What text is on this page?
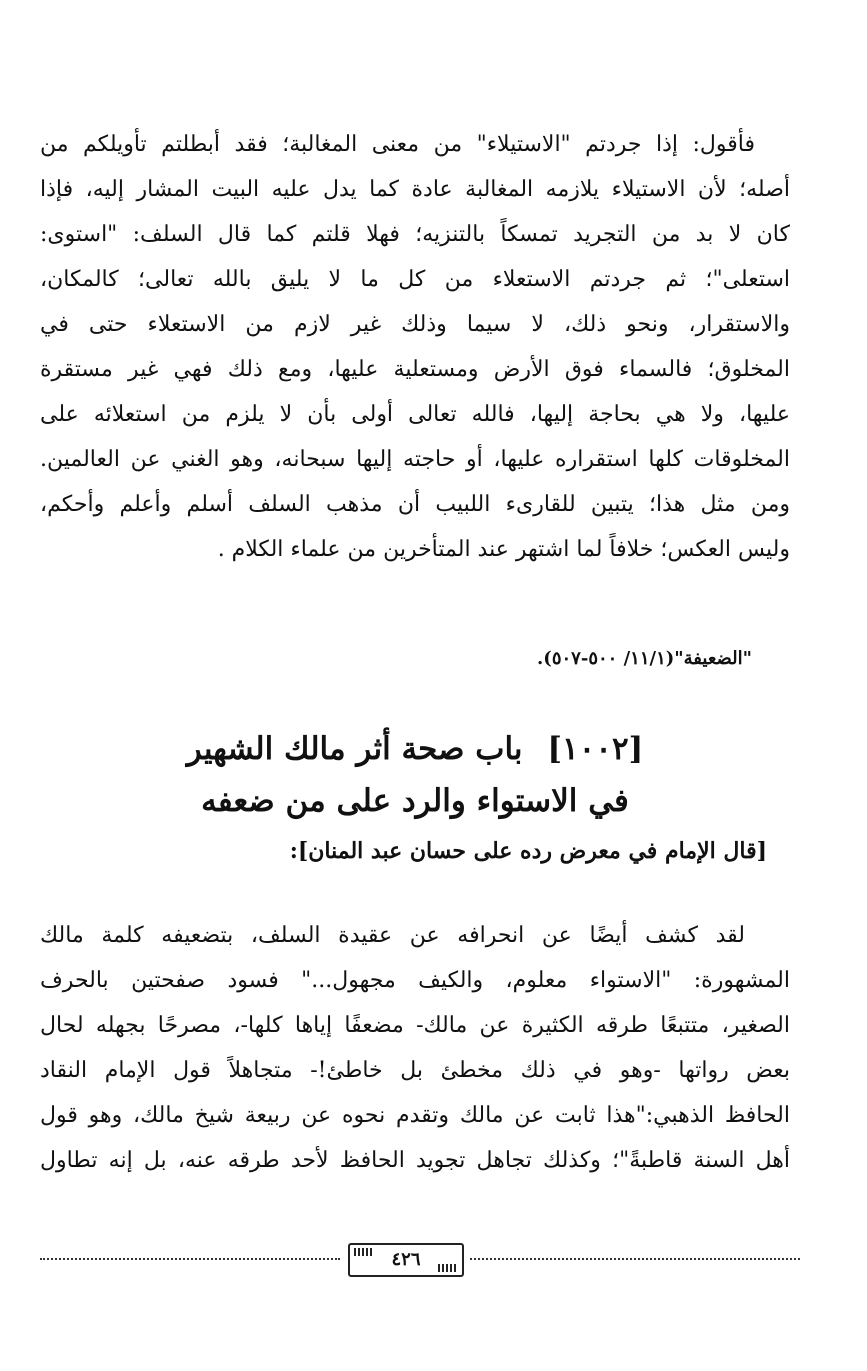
فأقول: إذا جردتم "الاستيلاء" من معنى المغالبة؛ فقد أبطلتم تأويلكم من
أصله؛ لأن الاستيلاء يلازمه المغالبة عادة كما يدل عليه البيت المشار إليه، فإذا
كان لا بد من التجريد تمسكاً بالتنزيه؛ فهلا قلتم كما قال السلف: "استوى:
استعلى"؛ ثم جردتم الاستعلاء من كل ما لا يليق بالله تعالى؛ كالمكان،
والاستقرار، ونحو ذلك، لا سيما وذلك غير لازم من الاستعلاء حتى في
المخلوق؛ فالسماء فوق الأرض ومستعلية عليها، ومع ذلك فهي غير مستقرة
عليها، ولا هي بحاجة إليها، فالله تعالى أولى بأن لا يلزم من استعلائه على
المخلوقات كلها استقراره عليها، أو حاجته إليها سبحانه، وهو الغني عن العالمين.
ومن مثل هذا؛ يتبين للقارىء اللبيب أن مذهب السلف أسلم وأعلم وأحكم،
وليس العكس؛ خلافاً لما اشتهر عند المتأخرين من علماء الكلام .
"الضعيفة"(١١/١/ ٥٠٠-٥٠٧).
[١٠٠٢] باب صحة أثر مالك الشهير
في الاستواء والرد على من ضعفه
[قال الإمام في معرض رده على حسان عبد المنان]:
لقد كشف أيضًا عن انحرافه عن عقيدة السلف، بتضعيفه كلمة مالك
المشهورة: "الاستواء معلوم، والكيف مجهول..." فسود صفحتين بالحرف
الصغير، متتبعًا طرقه الكثيرة عن مالك- مضعفًا إياها كلها-، مصرحًا بجهله لحال
بعض رواتها -وهو في ذلك مخطئ بل خاطئ!- متجاهلاً قول الإمام النقاد
الحافظ الذهبي:"هذا ثابت عن مالك وتقدم نحوه عن ربيعة شيخ مالك، وهو قول
أهل السنة قاطبةً"؛ وكذلك تجاهل تجويد الحافظ لأحد طرقه عنه، بل إنه تطاول
٤٢٦
